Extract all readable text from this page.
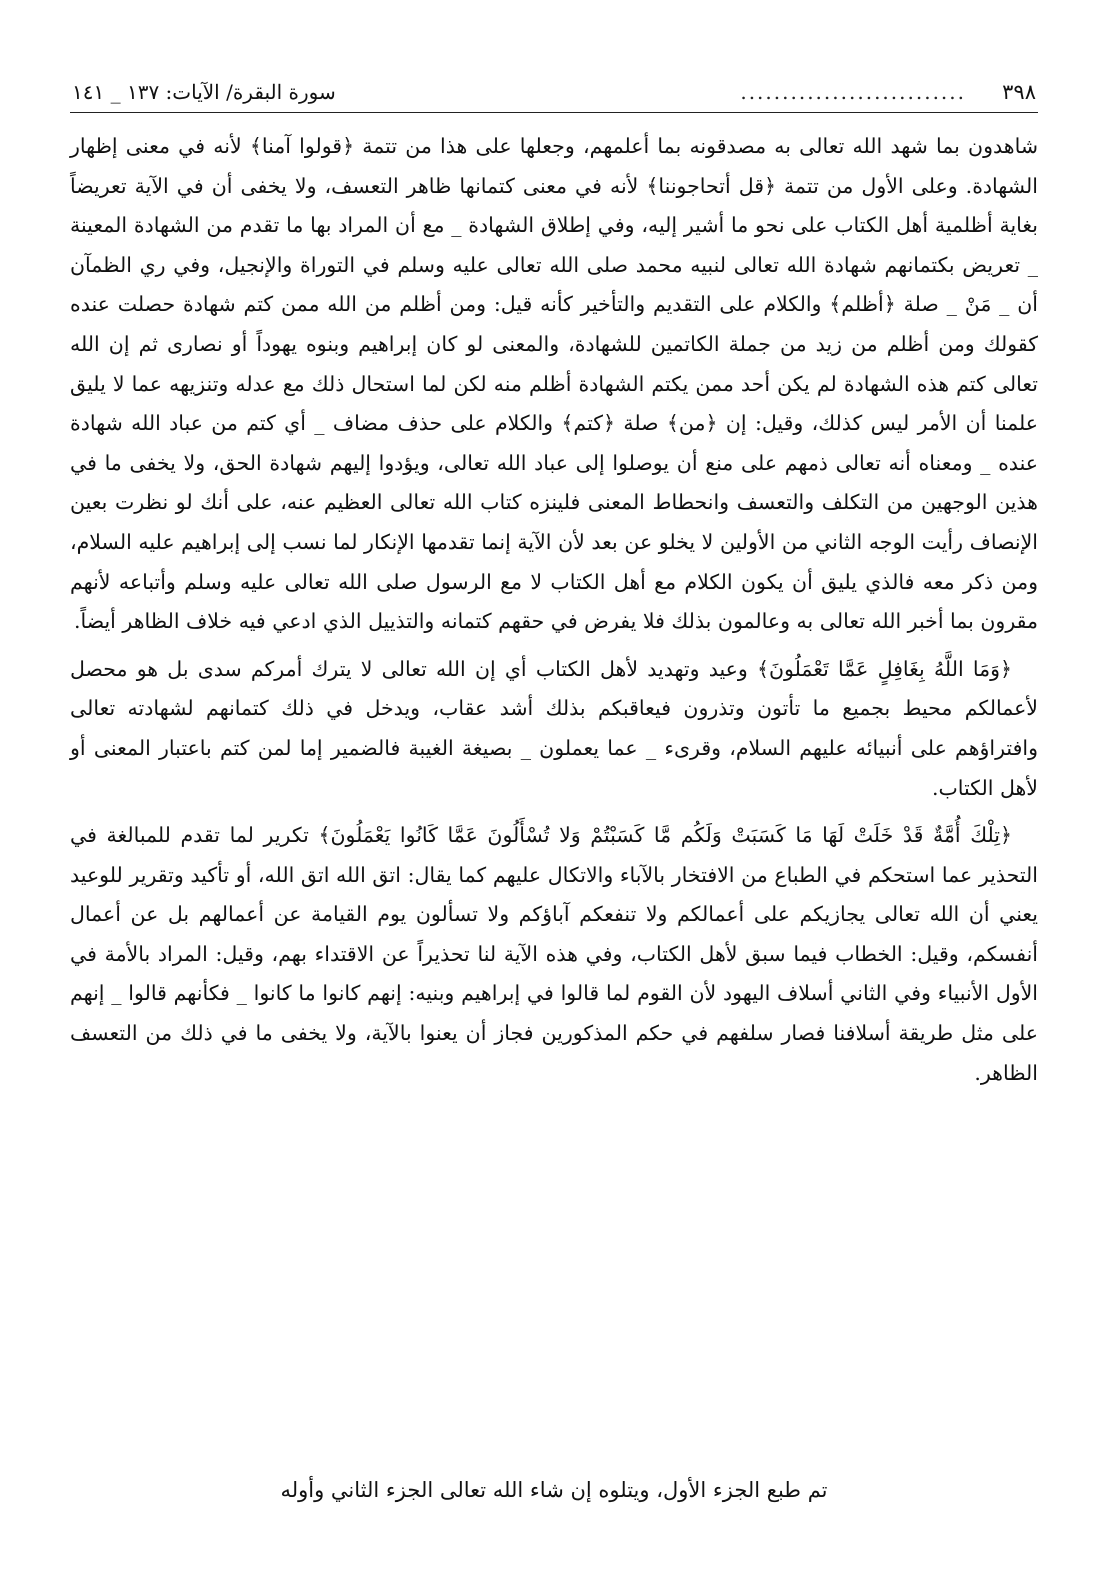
٣٩٨
...........................
سورة البقرة/ الآيات: ١٣٧ _ ١٤١

شاهدون بما شهد الله تعالى به مصدقونه بما أعلمهم، وجعلها على هذا من تتمة ﴿قولوا آمنا﴾ لأنه في معنى إظهار الشهادة. وعلى الأول من تتمة ﴿قل أتحاجوننا﴾ لأنه في معنى كتمانها ظاهر التعسف، ولا يخفى أن في الآية تعريضاً بغاية أظلمية أهل الكتاب على نحو ما أشير إليه، وفي إطلاق الشهادة _ مع أن المراد بها ما تقدم من الشهادة المعينة _ تعريض بكتمانهم شهادة الله تعالى لنبيه محمد صلى الله تعالى عليه وسلم في التوراة والإنجيل، وفي ري الظمآن أن _ مَنْ _ صلة ﴿أظلم﴾ والكلام على التقديم والتأخير كأنه قيل: ومن أظلم من الله ممن كتم شهادة حصلت عنده كقولك ومن أظلم من زيد من جملة الكاتمين للشهادة، والمعنى لو كان إبراهيم وبنوه يهوداً أو نصارى ثم إن الله تعالى كتم هذه الشهادة لم يكن أحد ممن يكتم الشهادة أظلم منه لكن لما استحال ذلك مع عدله وتنزيهه عما لا يليق علمنا أن الأمر ليس كذلك، وقيل: إن ﴿من﴾ صلة ﴿كتم﴾ والكلام على حذف مضاف _ أي كتم من عباد الله شهادة عنده _ ومعناه أنه تعالى ذمهم على منع أن يوصلوا إلى عباد الله تعالى، ويؤدوا إليهم شهادة الحق، ولا يخفى ما في هذين الوجهين من التكلف والتعسف وانحطاط المعنى فلينزه كتاب الله تعالى العظيم عنه، على أنك لو نظرت بعين الإنصاف رأيت الوجه الثاني من الأولين لا يخلو عن بعد لأن الآية إنما تقدمها الإنكار لما نسب إلى إبراهيم عليه السلام، ومن ذكر معه فالذي يليق أن يكون الكلام مع أهل الكتاب لا مع الرسول صلى الله تعالى عليه وسلم وأتباعه لأنهم مقرون بما أخبر الله تعالى به وعالمون بذلك فلا يفرض في حقهم كتمانه والتذييل الذي ادعي فيه خلاف الظاهر أيضاً.

﴿وَمَا اللَّهُ بِغَافِلٍ عَمَّا تَعْمَلُونَ﴾ وعيد وتهديد لأهل الكتاب أي إن الله تعالى لا يترك أمركم سدى بل هو محصل لأعمالكم محيط بجميع ما تأتون وتذرون فيعاقبكم بذلك أشد عقاب، ويدخل في ذلك كتمانهم لشهادته تعالى وافتراؤهم على أنبيائه عليهم السلام، وقرىء _ عما يعملون _ بصيغة الغيبة فالضمير إما لمن كتم باعتبار المعنى أو لأهل الكتاب.

﴿تِلْكَ أُمَّةٌ قَدْ خَلَتْ لَهَا مَا كَسَبَتْ وَلَكُم مَّا كَسَبْتُمْ وَلا تُسْأَلُونَ عَمَّا كَانُوا يَعْمَلُونَ﴾ تكرير لما تقدم للمبالغة في التحذير عما استحكم في الطباع من الافتخار بالآباء والاتكال عليهم كما يقال: اتق الله اتق الله، أو تأكيد وتقرير للوعيد يعني أن الله تعالى يجازيكم على أعمالكم ولا تنفعكم آباؤكم ولا تسألون يوم القيامة عن أعمالهم بل عن أعمال أنفسكم، وقيل: الخطاب فيما سبق لأهل الكتاب، وفي هذه الآية لنا تحذيراً عن الاقتداء بهم، وقيل: المراد بالأمة في الأول الأنبياء وفي الثاني أسلاف اليهود لأن القوم لما قالوا في إبراهيم وبنيه: إنهم كانوا ما كانوا _ فكأنهم قالوا _ إنهم على مثل طريقة أسلافنا فصار سلفهم في حكم المذكورين فجاز أن يعنوا بالآية، ولا يخفى ما في ذلك من التعسف الظاهر.

تم طبع الجزء الأول، ويتلوه إن شاء الله تعالى الجزء الثاني وأوله
